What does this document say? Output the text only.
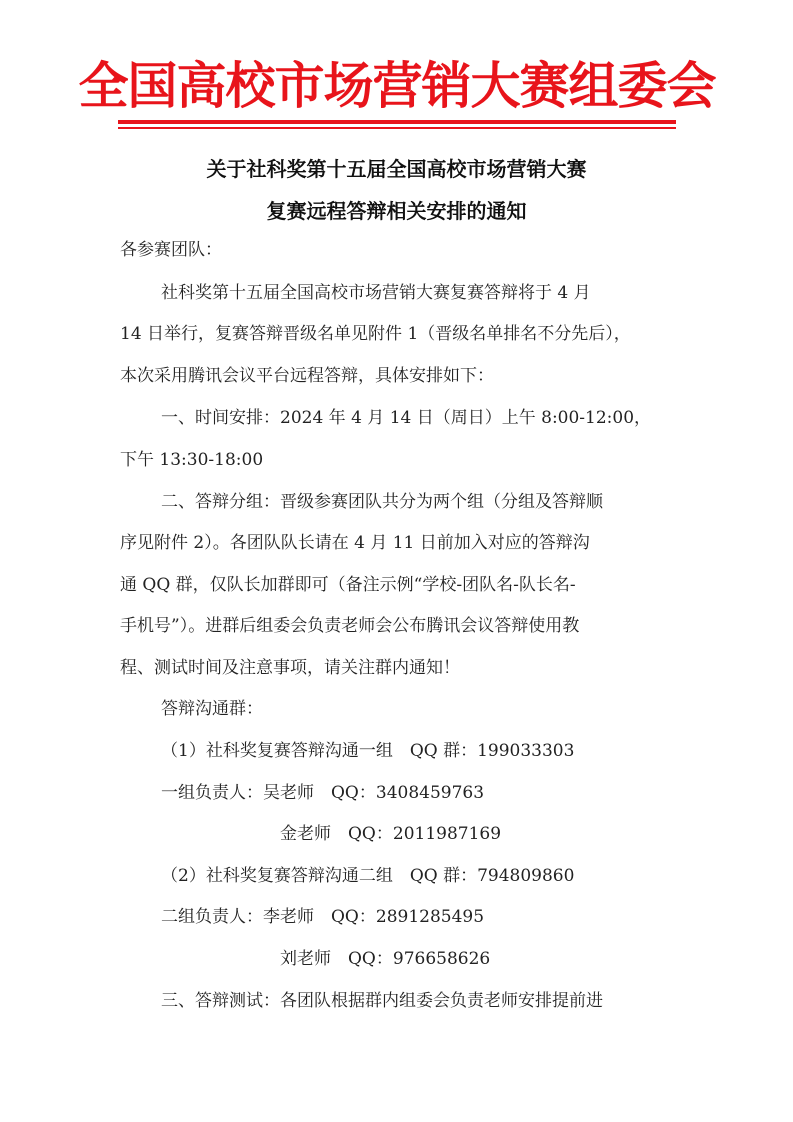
全国高校市场营销大赛组委会
关于社科奖第十五届全国高校市场营销大赛
复赛远程答辩相关安排的通知
各参赛团队：
社科奖第十五届全国高校市场营销大赛复赛答辩将于 4 月
14 日举行，复赛答辩晋级名单见附件 1（晋级名单排名不分先后），
本次采用腾讯会议平台远程答辩，具体安排如下：
一、时间安排：2024 年 4 月 14 日（周日）上午 8:00-12:00，
下午 13:30-18:00
二、答辩分组：晋级参赛团队共分为两个组（分组及答辩顺
序见附件 2）。各团队队长请在 4 月 11 日前加入对应的答辩沟
通 QQ 群，仅队长加群即可（备注示例“学校-团队名-队长名-
手机号”）。进群后组委会负责老师会公布腾讯会议答辩使用教
程、测试时间及注意事项，请关注群内通知！
答辩沟通群：
（1）社科奖复赛答辩沟通一组　QQ 群：199033303
一组负责人：吴老师　QQ：3408459763
金老师　QQ：2011987169
（2）社科奖复赛答辩沟通二组　QQ 群：794809860
二组负责人：李老师　QQ：2891285495
刘老师　QQ：976658626
三、答辩测试：各团队根据群内组委会负责老师安排提前进
